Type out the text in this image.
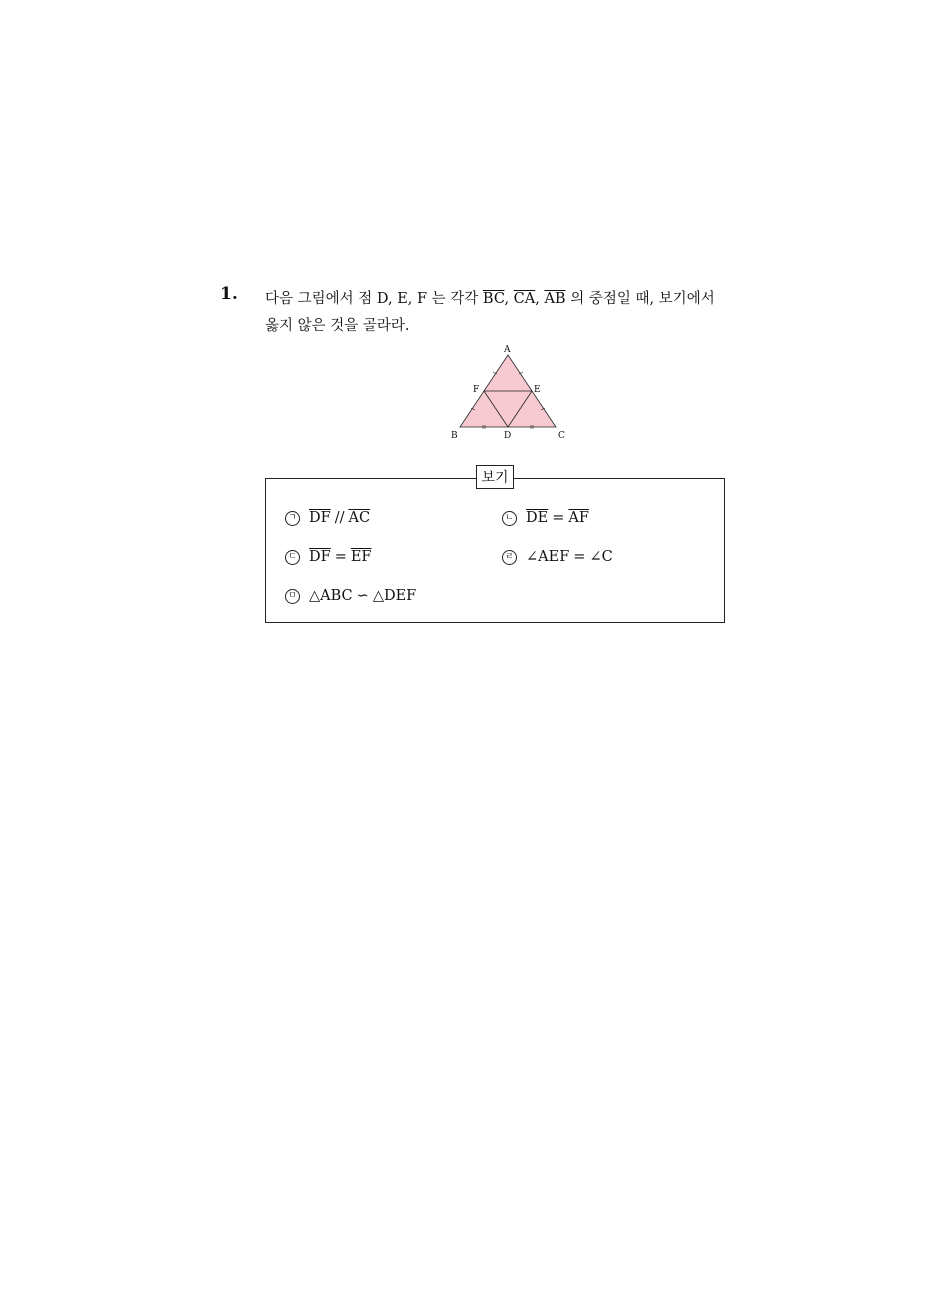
1. 다음 그림에서 점 D, E, F 는 각각 $\overline{BC}$, $\overline{CA}$, $\overline{AB}$ 의 중점일 때, 보기에서
옳지 않은 것을 골라라.
A
F	E
B	D	C
보기
ㄱ $\overline{DF} // \overline{AC}$	ㄴ $\overline{DE} = \overline{AF}$
ㄷ $\overline{DF} = \overline{EF}$	ㄹ ∠AEF = ∠C
ㅁ △ABC ∽ △DEF
